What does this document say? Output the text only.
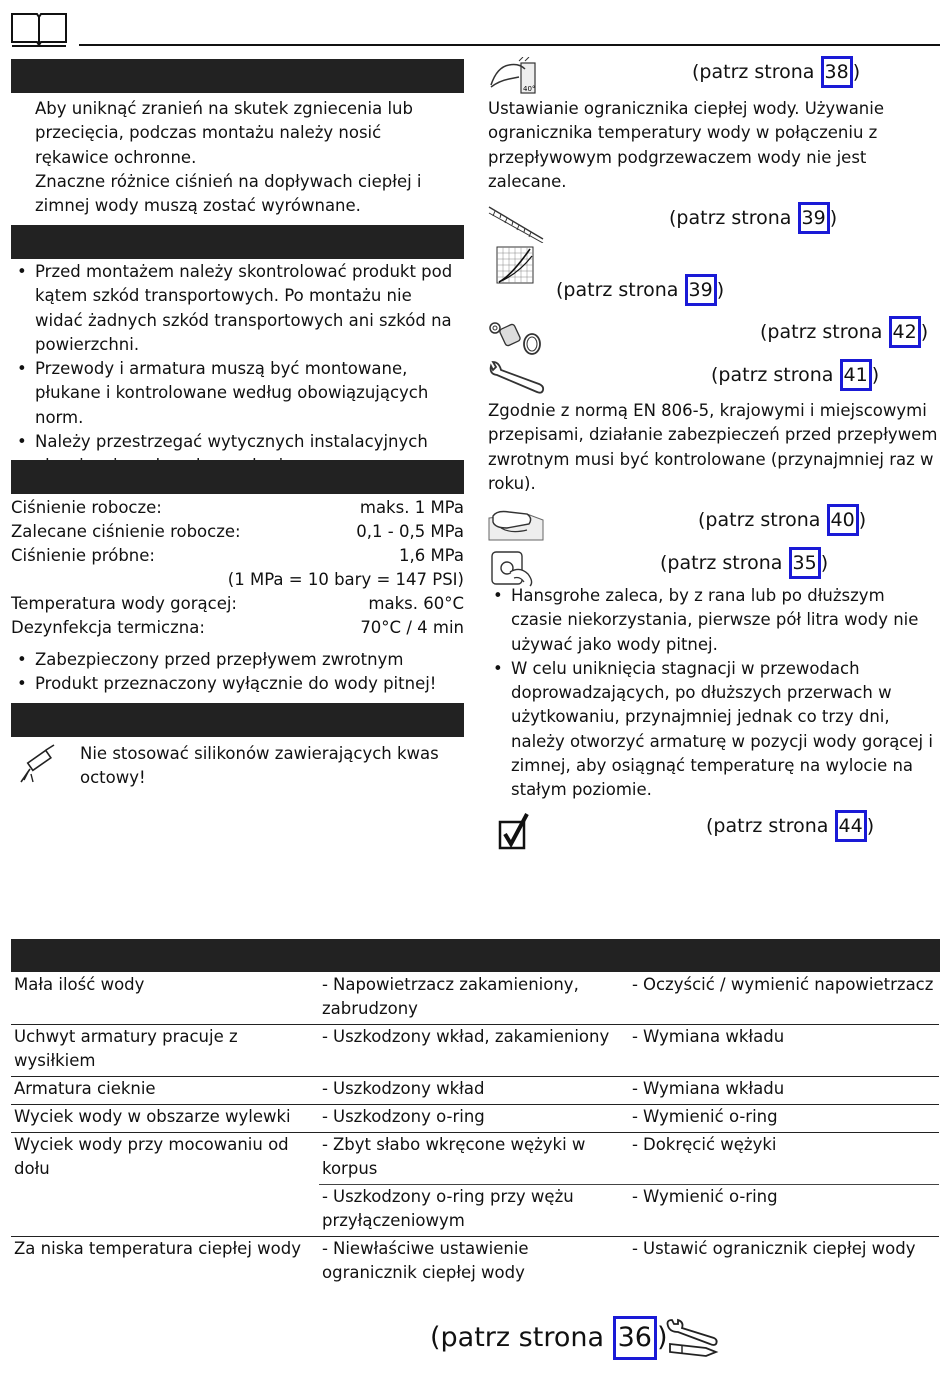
Aby uniknąć zranień na skutek zgniecenia lub przecięcia, podczas montażu należy nosić rękawice ochronne.
Znaczne różnice ciśnień na dopływach ciepłej i zimnej wody muszą zostać wyrównane.
• Przed montażem należy skontrolować produkt pod kątem szkód transportowych. Po montażu nie widać żadnych szkód transportowych ani szkód na powierzchni.
• Przewody i armatura muszą być montowane, płukane i kontrolowane według obowiązujących norm.
• Należy przestrzegać wytycznych instalacyjnych
Ciśnienie robocze:	maks. 1 MPa
Zalecane ciśnienie robocze:	0,1 - 0,5 MPa
Ciśnienie próbne:	1,6 MPa
(1 MPa = 10 bary = 147 PSI)
Temperatura wody gorącej:	maks. 60°C
Dezynfekcja termiczna:	70°C / 4 min
• Zabezpieczony przed przepływem zwrotnym
• Produkt przeznaczony wyłącznie do wody pitnej!
Nie stosować silikonów zawierających kwas octowy!
40°
(patrz strona 38 )
Ustawianie ogranicznika ciepłej wody. Używanie ogranicznika temperatury wody w połączeniu z przepływowym podgrzewaczem wody nie jest zalecane.
(patrz strona 39 )
(patrz strona 39 )
(patrz strona 42 )
(patrz strona 41 )
Zgodnie z normą EN 806-5, krajowymi i miejscowymi przepisami, działanie zabezpieczeń przed przepływem zwrotnym musi być kontrolowane (przynajmniej raz w roku).
(patrz strona 40 )
(patrz strona 35 )
• Hansgrohe zaleca, by z rana lub po dłuższym czasie niekorzystania, pierwsze pół litra wody nie używać jako wody pitnej.
• W celu uniknięcia stagnacji w przewodach doprowadzających, po dłuższych przerwach w użytkowaniu, przynajmniej jednak co trzy dni, należy otworzyć armaturę w pozycji wody gorącej i zimnej, aby osiągnąć temperaturę na wylocie na stałym poziomie.
(patrz strona 44 )
Mała ilość wody	- Napowietrzacz zakamieniony, zabrudzony	- Oczyścić / wymienić napowietrzacz
Uchwyt armatury pracuje z wysiłkiem	- Uszkodzony wkład, zakamieniony	- Wymiana wkładu
Armatura cieknie	- Uszkodzony wkład	- Wymiana wkładu
Wyciek wody w obszarze wylewki	- Uszkodzony o-ring	- Wymienić o-ring
Wyciek wody przy mocowaniu od dołu	- Zbyt słabo wkręcone wężyki w korpus	- Dokręcić wężyki
	- Uszkodzony o-ring przy wężu przyłączeniowym	- Wymienić o-ring
Za niska temperatura ciepłej wody	- Niewłaściwe ustawienie ogranicznik ciepłej wody	- Ustawić ogranicznik ciepłej wody
(patrz strona 36 )
